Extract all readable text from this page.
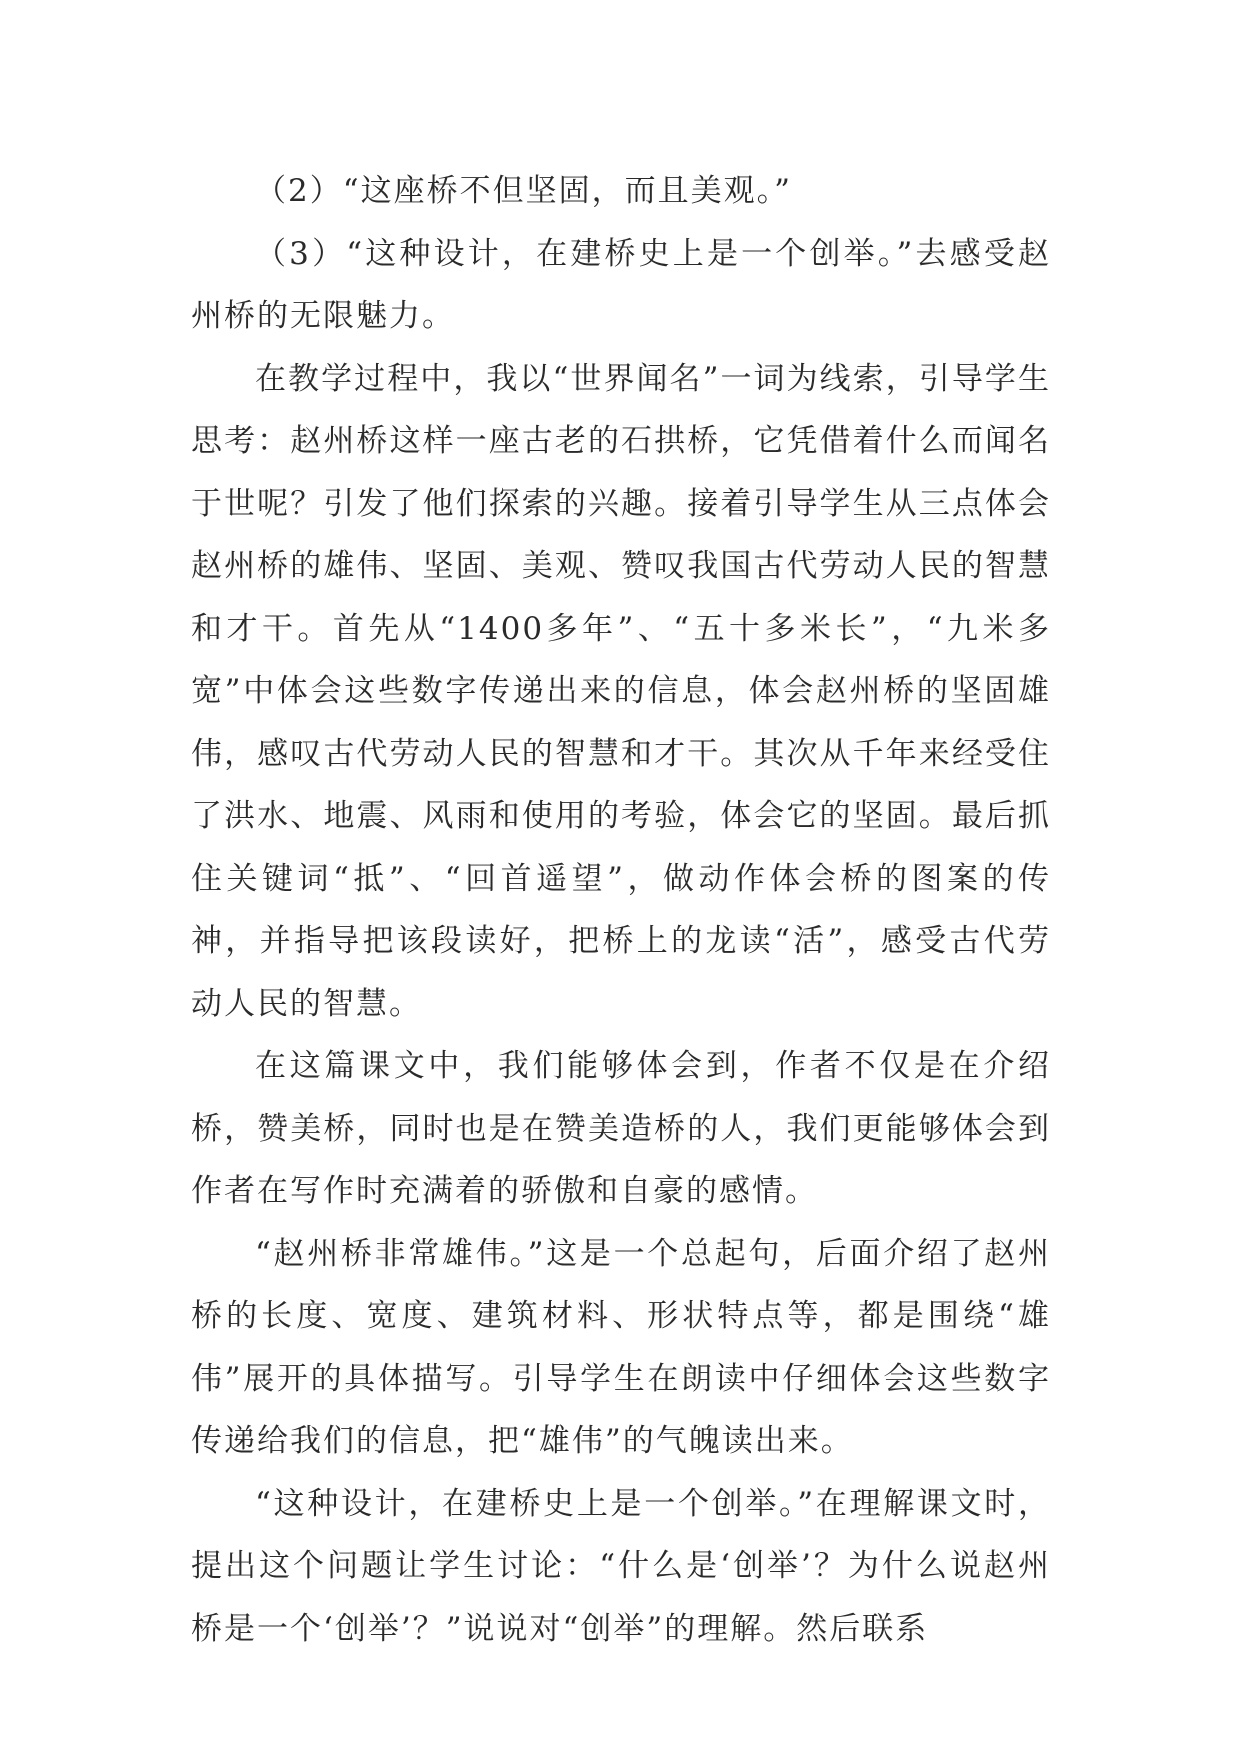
（2）“这座桥不但坚固，而且美观。”

（3）“这种设计，在建桥史上是一个创举。”去感受赵州桥的无限魅力。

在教学过程中，我以“世界闻名”一词为线索，引导学生思考：赵州桥这样一座古老的石拱桥，它凭借着什么而闻名于世呢？引发了他们探索的兴趣。接着引导学生从三点体会赵州桥的雄伟、坚固、美观、赞叹我国古代劳动人民的智慧和才干。首先从“1400多年”、“五十多米长”，“九米多宽”中体会这些数字传递出来的信息，体会赵州桥的坚固雄伟，感叹古代劳动人民的智慧和才干。其次从千年来经受住了洪水、地震、风雨和使用的考验，体会它的坚固。最后抓住关键词“抵”、“回首遥望”，做动作体会桥的图案的传神，并指导把该段读好，把桥上的龙读“活”，感受古代劳动人民的智慧。

在这篇课文中，我们能够体会到，作者不仅是在介绍桥，赞美桥，同时也是在赞美造桥的人，我们更能够体会到作者在写作时充满着的骄傲和自豪的感情。

“赵州桥非常雄伟。”这是一个总起句，后面介绍了赵州桥的长度、宽度、建筑材料、形状特点等，都是围绕“雄伟”展开的具体描写。引导学生在朗读中仔细体会这些数字传递给我们的信息，把“雄伟”的气魄读出来。

“这种设计，在建桥史上是一个创举。”在理解课文时，提出这个问题让学生讨论：“什么是‘创举’？为什么说赵州桥是一个‘创举’？”说说对“创举”的理解。然后联系
